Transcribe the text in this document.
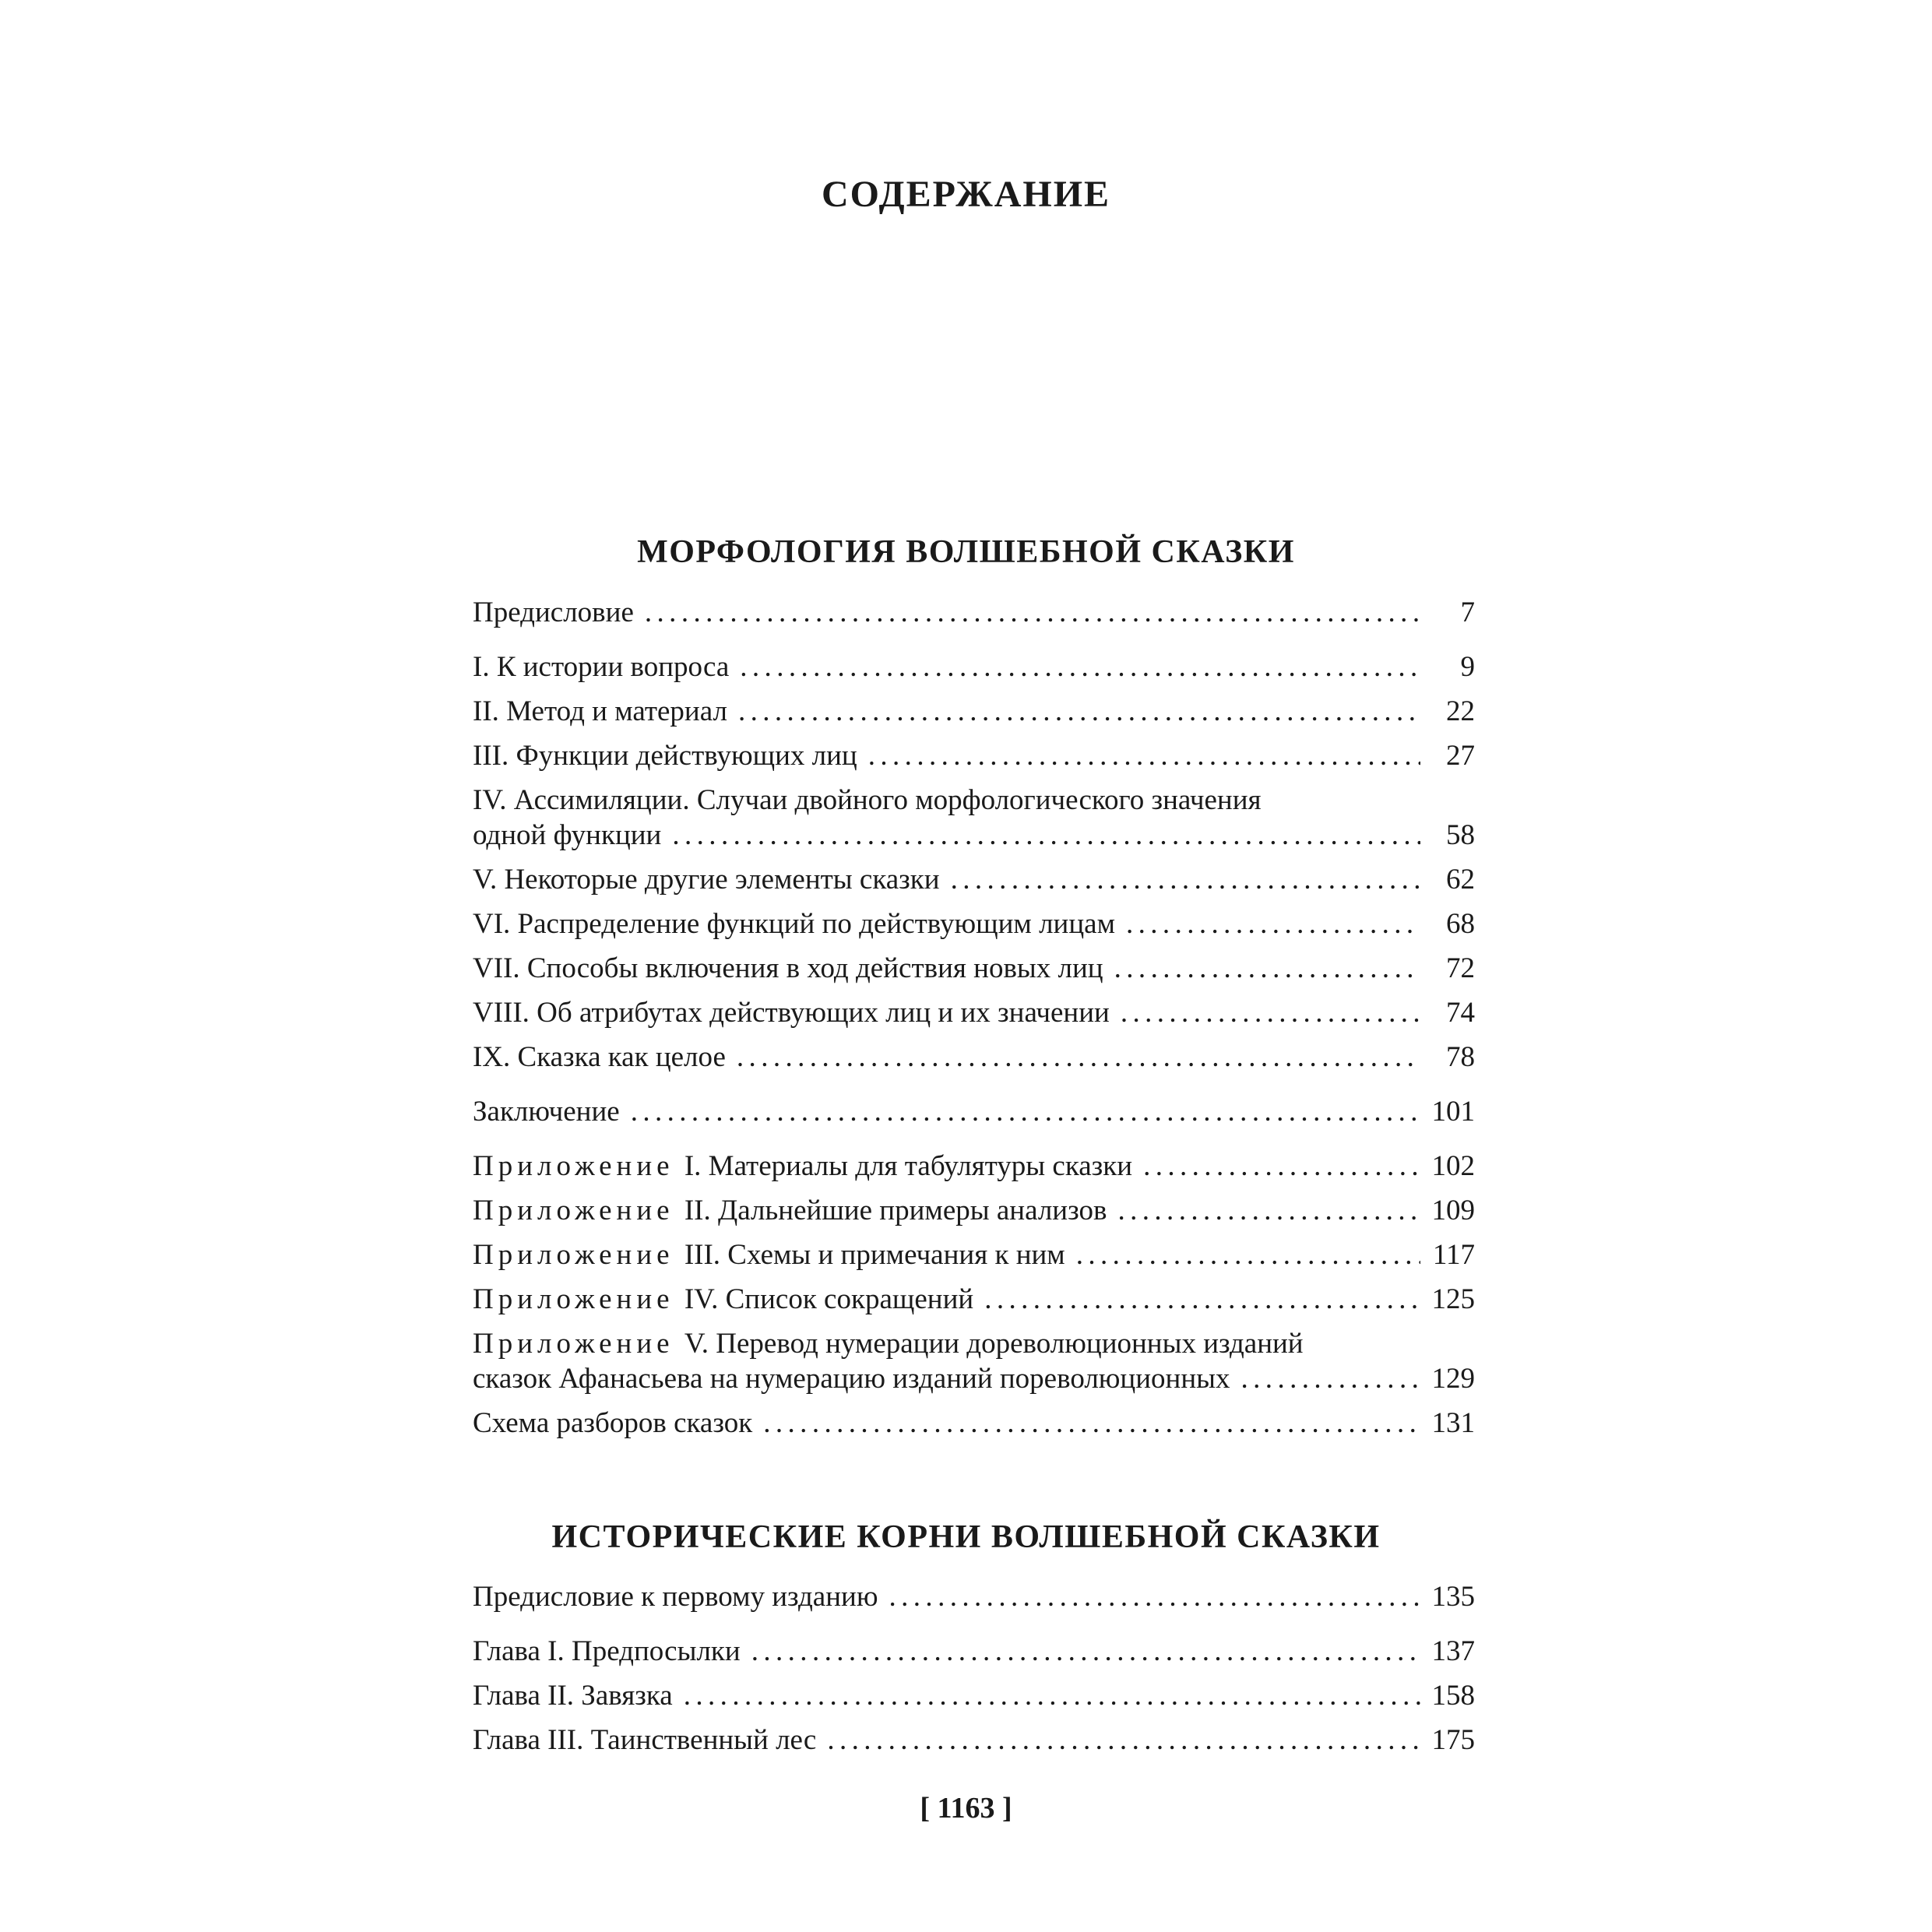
СОДЕРЖАНИЕ
МОРФОЛОГИЯ ВОЛШЕБНОЙ СКАЗКИ
Предисловие .....	7
I. К истории вопроса .....	9
II. Метод и материал .....	22
III. Функции действующих лиц .....	27
IV. Ассимиляции. Случаи двойного морфологического значения
одной функции .....	58
V. Некоторые другие элементы сказки .....	62
VI. Распределение функций по действующим лицам .....	68
VII. Способы включения в ход действия новых лиц .....	72
VIII. Об атрибутах действующих лиц и их значении .....	74
IX. Сказка как целое .....	78
Заключение .....	101
Приложение I. Материалы для табулятуры сказки .....	102
Приложение II. Дальнейшие примеры анализов .....	109
Приложение III. Схемы и примечания к ним .....	117
Приложение IV. Список сокращений .....	125
Приложение V. Перевод нумерации дореволюционных изданий
сказок Афанасьева на нумерацию изданий пореволюционных .....	129
Схема разборов сказок .....	131
ИСТОРИЧЕСКИЕ КОРНИ ВОЛШЕБНОЙ СКАЗКИ
Предисловие к первому изданию .....	135
Глава I. Предпосылки .....	137
Глава II. Завязка .....	158
Глава III. Таинственный лес .....	175
[ 1163 ]
